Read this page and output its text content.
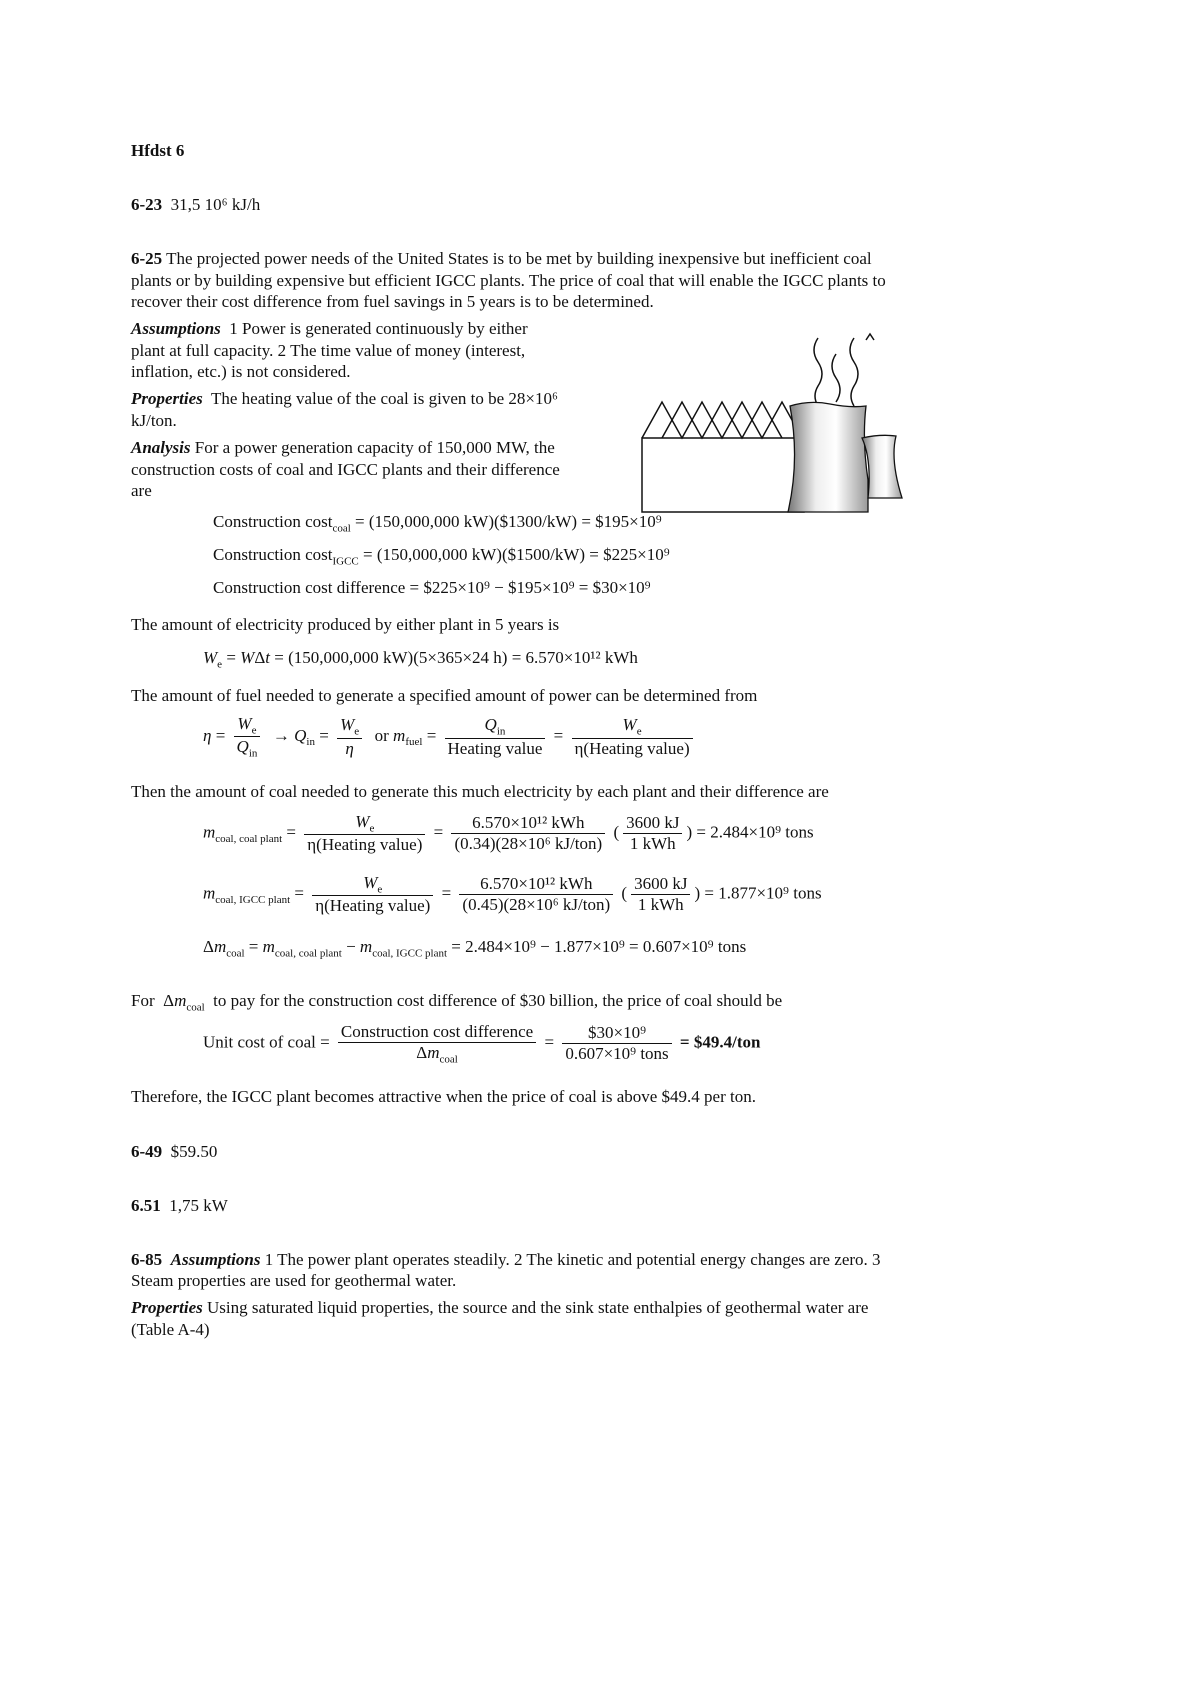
Hfdst 6
6-23 31,5 10⁶ kJ/h
6-25 The projected power needs of the United States is to be met by building inexpensive but inefficient coal
plants or by building expensive but efficient IGCC plants. The price of coal that will enable the IGCC plants to
recover their cost difference from fuel savings in 5 years is to be determined.
Assumptions 1 Power is generated continuously by either
plant at full capacity. 2 The time value of money (interest,
inflation, etc.) is not considered.
Properties The heating value of the coal is given to be 28×10⁶
kJ/ton.
Analysis For a power generation capacity of 150,000 MW, the
construction costs of coal and IGCC plants and their difference
are
Construction cost$_{coal}$ = (150,000,000 kW)($1300/kW) = $195×10⁹
Construction cost$_{IGCC}$ = (150,000,000 kW)($1500/kW) = $225×10⁹
Construction cost difference = $225×10⁹ − $195×10⁹ = $30×10⁹
The amount of electricity produced by either plant in 5 years is
$W_e = W\Delta t = (150,000,000$ kW)(5×365×24 h) = 6.570×10¹² kWh
The amount of fuel needed to generate a specified amount of power can be determined from
$\eta = \frac{W_e}{Q_{in}} \to Q_{in} = \frac{W_e}{\eta}$ or $m_{fuel} = \frac{Q_{in}}{\text{Heating value}} = \frac{W_e}{\text{η(Heating value)}}$
Then the amount of coal needed to generate this much electricity by each plant and their difference are
$m_{coal, coal plant} = \frac{W_e}{\text{η(Heating value)}} = \frac{\text{6.570×10¹² kWh}}{\text{(0.34)(28×10⁶ kJ/ton)}}$ ( $\frac{3600 kJ}{\text{1 kWh}}$ ) = 2.484×10⁹ tons
$m_{coal, IGCC plant} = \frac{W_e}{\text{η(Heating value)}} = \frac{\text{6.570×10¹² kWh}}{\text{(0.45)(28×10⁶ kJ/ton)}}$ ( $\frac{3600 kJ}{\text{1 kWh}}$ ) = 1.877×10⁹ tons
$\Delta m_{coal} = m_{coal, coal plant} - m_{coal, IGCC plant} = 2.484\times 10^9 - 1.877\times 10^9 = 0.607\times 10^9$ tons
For  $\Delta m_{coal}$ to pay for the construction cost difference of $30 billion, the price of coal should be
Unit cost of coal = $\frac{\text{Construction cost difference}}{\Delta m_{coal}} = \frac{\text{\$30×10⁹}}{\text{0.607×10⁹ tons}}$ = $49.4/ton
Therefore, the IGCC plant becomes attractive when the price of coal is above $49.4 per ton.
6-49 $59.50
6.51 1,75 kW
6-85 Assumptions 1 The power plant operates steadily. 2 The kinetic and potential energy changes are zero. 3
Steam properties are used for geothermal water.
Properties Using saturated liquid properties, the source and the sink state enthalpies of geothermal water are
(Table A-4)
